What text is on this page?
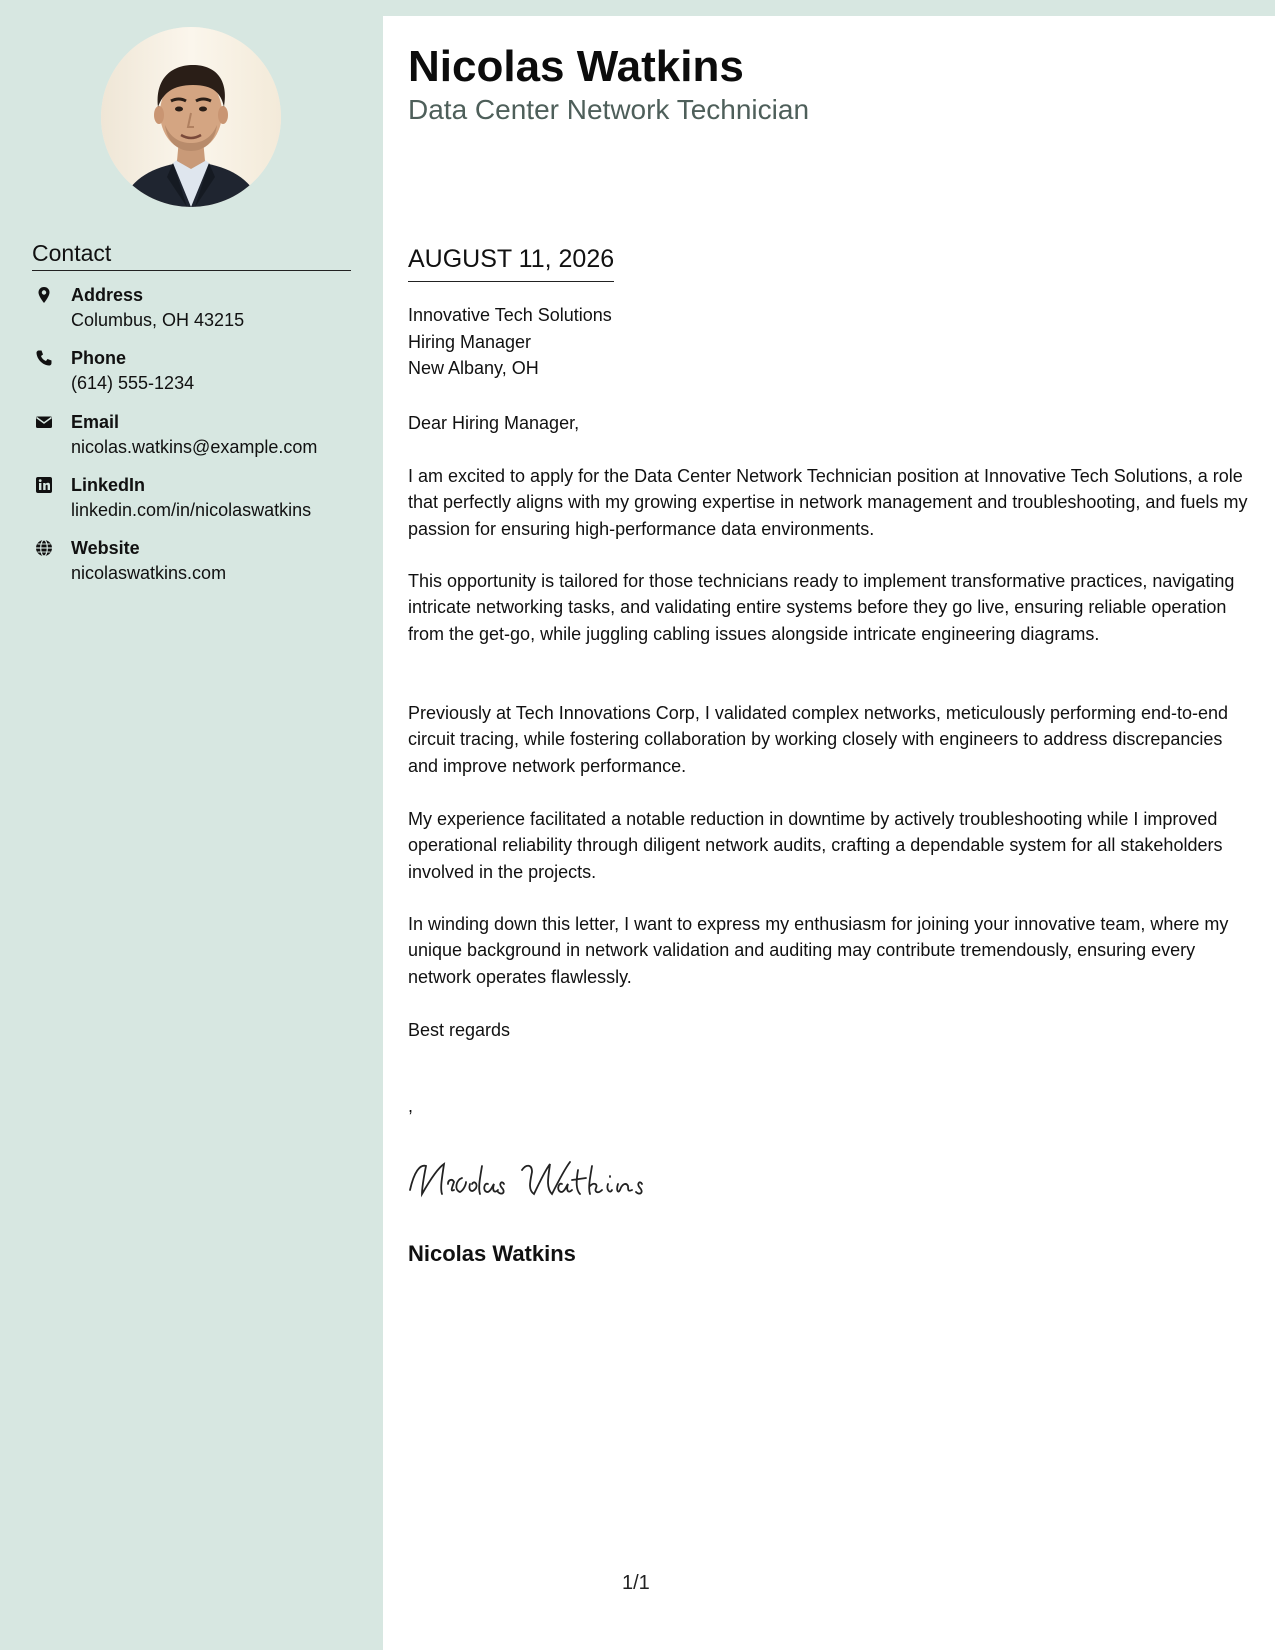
Nicolas Watkins
Data Center Network Technician
Contact
Address
Columbus, OH 43215
Phone
(614) 555-1234
Email
nicolas.watkins@example.com
LinkedIn
linkedin.com/in/nicolaswatkins
Website
nicolaswatkins.com
AUGUST 11, 2026
Innovative Tech Solutions
Hiring Manager
New Albany, OH
Dear Hiring Manager,
I am excited to apply for the Data Center Network Technician position at Innovative Tech Solutions, a role that perfectly aligns with my growing expertise in network management and troubleshooting, and fuels my passion for ensuring high-performance data environments.
This opportunity is tailored for those technicians ready to implement transformative practices, navigating intricate networking tasks, and validating entire systems before they go live, ensuring reliable operation from the get-go, while juggling cabling issues alongside intricate engineering diagrams.
Previously at Tech Innovations Corp, I validated complex networks, meticulously performing end-to-end circuit tracing, while fostering collaboration by working closely with engineers to address discrepancies and improve network performance.
My experience facilitated a notable reduction in downtime by actively troubleshooting while I improved operational reliability through diligent network audits, crafting a dependable system for all stakeholders involved in the projects.
In winding down this letter, I want to express my enthusiasm for joining your innovative team, where my unique background in network validation and auditing may contribute tremendously, ensuring every network operates flawlessly.
Best regards
,
Nicolas Watkins
1/1
